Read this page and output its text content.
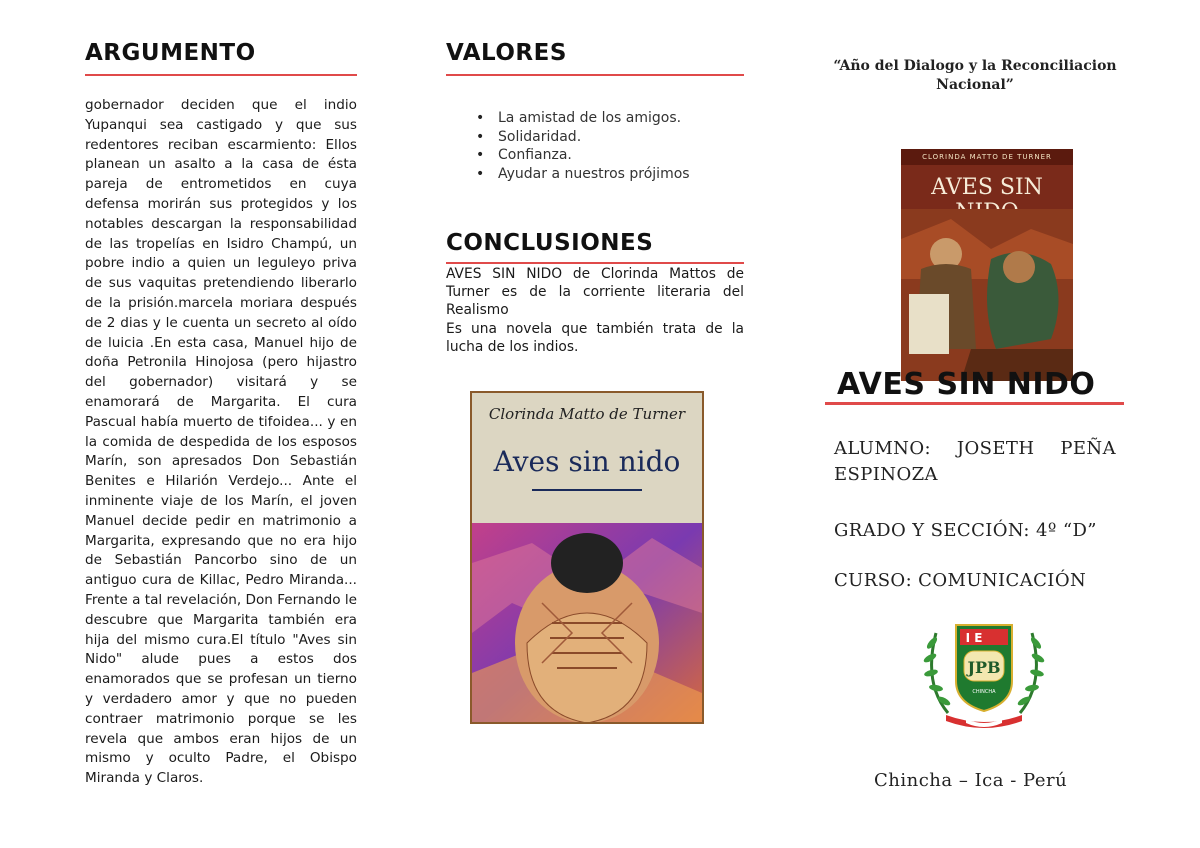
ARGUMENTO
gobernador deciden que el indio Yupanqui sea castigado y que sus redentores reciban escarmiento: Ellos planean un asalto a la casa de ésta pareja de entrometidos en cuya defensa morirán sus protegidos y los notables descargan la responsabilidad de las tropelías en Isidro Champú, un pobre indio a quien un leguleyo priva de sus vaquitas pretendiendo liberarlo de la prisión.marcela moriara después de 2 dias y le cuenta un secreto al oído de luicia .En esta casa, Manuel hijo de doña Petronila Hinojosa (pero hijastro del gobernador) visitará y se enamorará de Margarita. El cura Pascual había muerto de tifoidea... y en la comida de despedida de los esposos Marín, son apresados Don Sebastián Benites e Hilarión Verdejo... Ante el inminente viaje de los Marín, el joven Manuel decide pedir en matrimonio a Margarita, expresando que no era hijo de Sebastián Pancorbo sino de un antiguo cura de Killac, Pedro Miranda... Frente a tal revelación, Don Fernando le descubre que Margarita también era hija del mismo cura.El título "Aves sin Nido" alude pues a estos dos enamorados que se profesan un tierno y verdadero amor y que no pueden contraer matrimonio porque se les revela que ambos eran hijos de un mismo y oculto Padre, el Obispo Miranda y Claros.
VALORES
• La amistad de los amigos.
• Solidaridad.
• Confianza.
• Ayudar a nuestros prójimos
CONCLUSIONES
AVES SIN NIDO de Clorinda Mattos de Turner es de la corriente literaria del Realismo
Es una novela que también trata de la lucha de los indios.
Clorinda Matto de Turner
Aves sin nido
“Año del Dialogo y la Reconciliacion Nacional”
CLORINDA MATTO DE TURNER
AVES SIN
AVES SIN NIDO
ALUMNO: JOSETH PEÑA ESPINOZA
GRADO Y SECCIÓN: 4º “D”
CURSO: COMUNICACIÓN
I E
JPB
CHINCHA
Chincha – Ica - Perú
